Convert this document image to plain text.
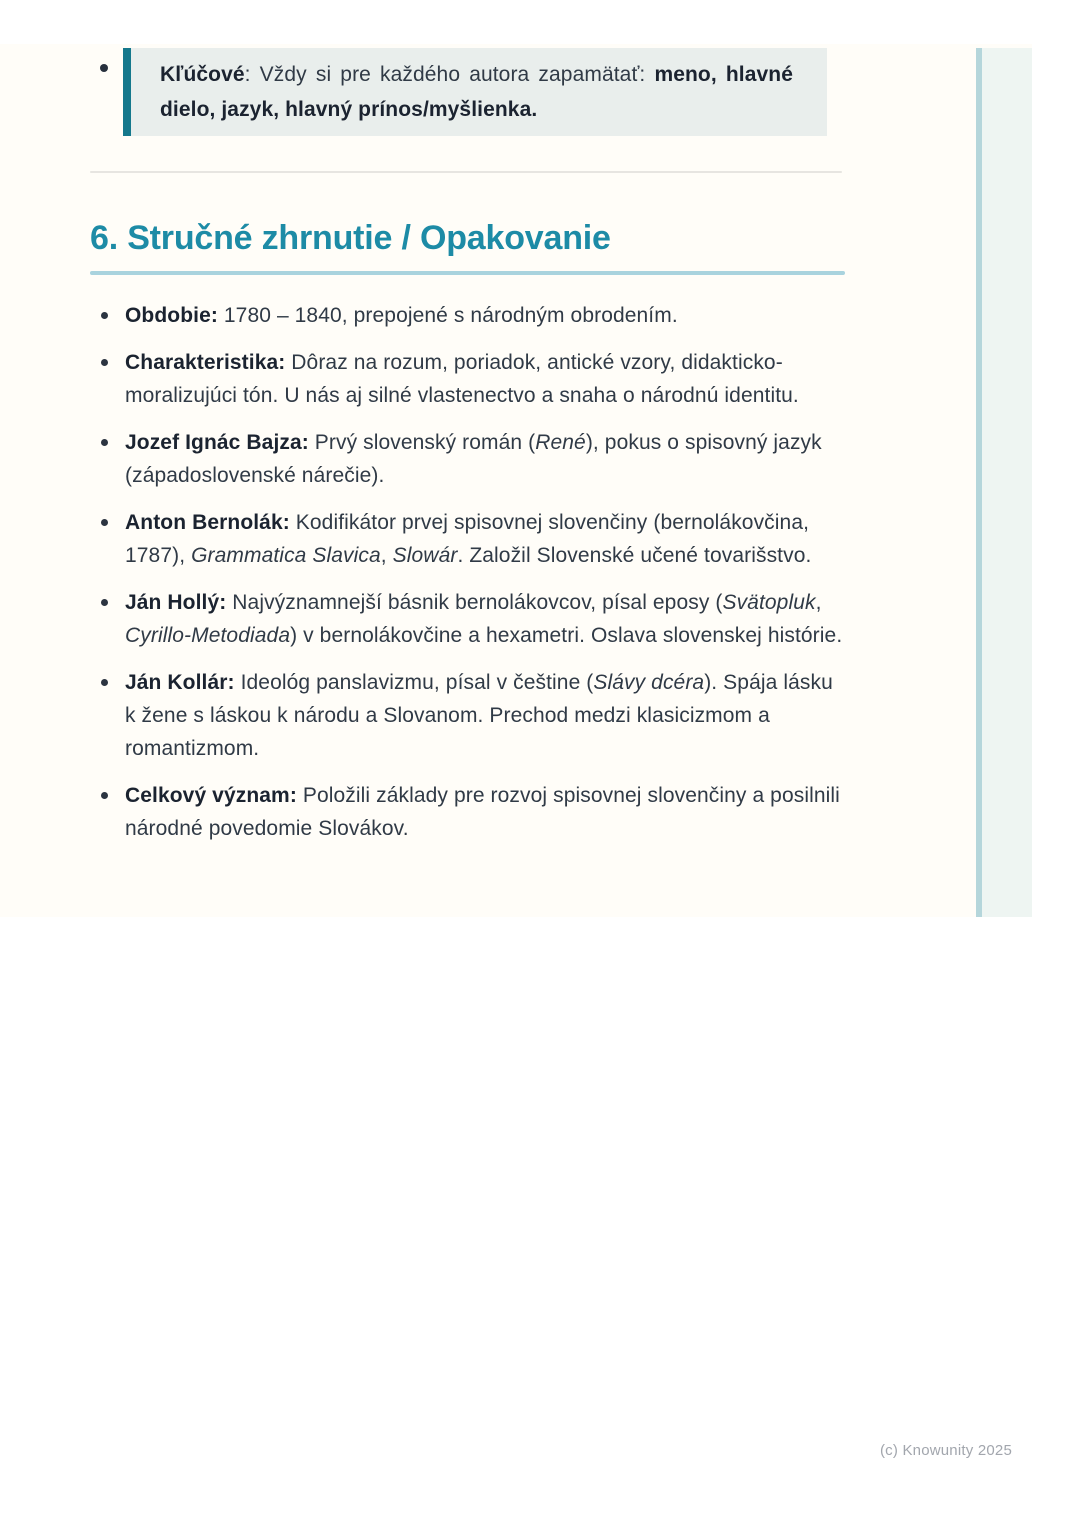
Kľúčové: Vždy si pre každého autora zapamätať: meno, hlavné dielo, jazyk, hlavný prínos/myšlienka.

6. Stručné zhrnutie / Opakovanie
Obdobie: 1780 – 1840, prepojené s národným obrodením.
Charakteristika: Dôraz na rozum, poriadok, antické vzory, didakticko-moralizujúci tón. U nás aj silné vlastenectvo a snaha o národnú identitu.
Jozef Ignác Bajza: Prvý slovenský román (René), pokus o spisovný jazyk (západoslovenské nárečie).
Anton Bernolák: Kodifikátor prvej spisovnej slovenčiny (bernolákovčina, 1787), Grammatica Slavica, Slowár. Založil Slovenské učené tovarišstvo.
Ján Hollý: Najvýznamnejší básnik bernolákovcov, písal eposy (Svätopluk, Cyrillo-Metodiada) v bernolákovčine a hexametri. Oslava slovenskej histórie.
Ján Kollár: Ideológ panslavizmu, písal v češtine (Slávy dcéra). Spája lásku k žene s láskou k národu a Slovanom. Prechod medzi klasicizmom a romantizmom.
Celkový význam: Položili základy pre rozvoj spisovnej slovenčiny a posilnili národné povedomie Slovákov.
(c) Knowunity 2025
